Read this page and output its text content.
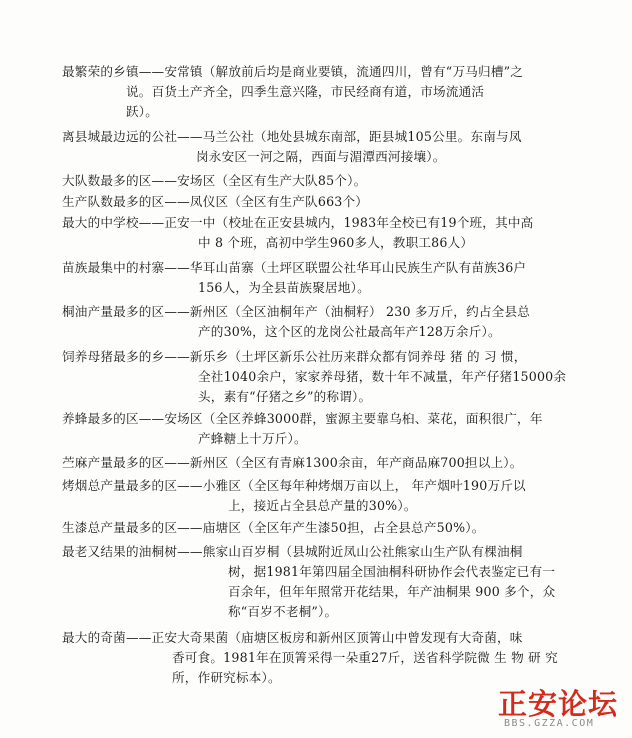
最繁荣的乡镇——安常镇（解放前后均是商业要镇，流通四川，曾有“万马归槽”之
说。百货土产齐全，四季生意兴隆，市民经商有道，市场流通活
跃）。
离县城最边远的公社——马兰公社（地处县城东南部，距县城105公里。东南与凤
岗永安区一河之隔，西面与湄潭西河接壤）。
大队数最多的区——安场区（全区有生产大队85个）。
生产队数最多的区——凤仪区（全区有生产队663个）
最大的中学校——正安一中（校址在正安县城内，1983年全校已有19个班，其中高
中 8 个班，高初中学生960多人，教职工86人）
苗族最集中的村寨——华耳山苗寨（土坪区联盟公社华耳山民族生产队有苗族36户
156人，为全县苗族聚居地）。
桐油产量最多的区——新州区（全区油桐年产（油桐籽） 230 多万斤，约占全县总
产的30%，这个区的龙岗公社最高年产128万余斤）。
饲养母猪最多的乡——新乐乡（土坪区新乐公社历来群众都有饲养母 猪 的 习 惯，
全社1040余户，家家养母猪，数十年不减量，年产仔猪15000余
头，素有“仔猪之乡”的称谓）。
养蜂最多的区——安场区（全区养蜂3000群，蜜源主要靠乌桕、菜花，面积很广，年
产蜂糖上十万斤）。
苎麻产量最多的区——新州区（全区有青麻1300余亩，年产商品麻700担以上）。
烤烟总产量最多的区——小雅区（全区每年种烤烟万亩以上， 年产烟叶190万斤以
上，接近占全县总产量的30%）。
生漆总产量最多的区——庙塘区（全区年产生漆50担，占全县总产50%）。
最老又结果的油桐树——熊家山百岁桐（县城附近凤山公社熊家山生产队有棵油桐
树，据1981年第四届全国油桐科研协作会代表鉴定已有一
百余年，但年年照常开花结果，年产油桐果 900 多个，众
称“百岁不老桐”）。
最大的奇菌——正安大奇果菌（庙塘区板房和新州区顶箐山中曾发现有大奇菌，味
香可食。1981年在顶箐采得一朵重27斤，送省科学院微 生 物 研 究
所，作研究标本）。
正安论坛
BBS.GZZA.COM
